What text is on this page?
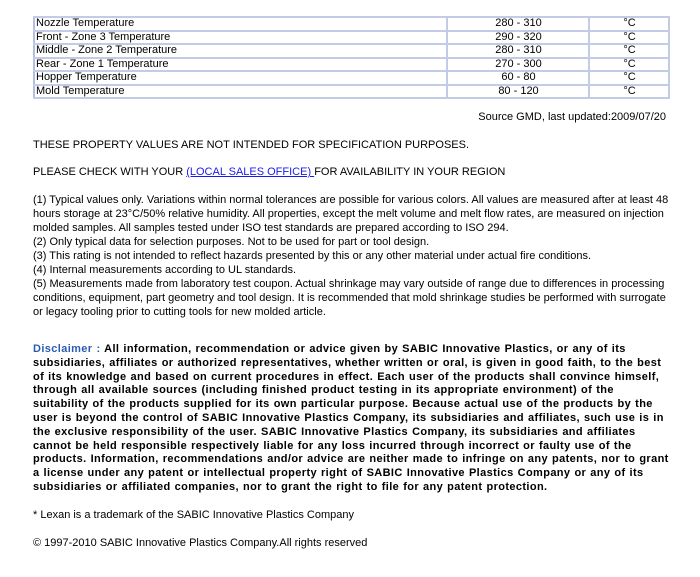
Nozzle Temperature	280 - 310	°C
Front - Zone 3 Temperature	290 - 320	°C
Middle - Zone 2 Temperature	280 - 310	°C
Rear - Zone 1 Temperature	270 - 300	°C
Hopper Temperature	60 - 80	°C
Mold Temperature	80 - 120	°C
Source GMD, last updated:2009/07/20
THESE PROPERTY VALUES ARE NOT INTENDED FOR SPECIFICATION PURPOSES.
PLEASE CHECK WITH YOUR (LOCAL SALES OFFICE) FOR AVAILABILITY IN YOUR REGION

(1) Typical values only. Variations within normal tolerances are possible for various colors. All values are measured after at least 48 hours storage at 23°C/50% relative humidity. All properties, except the melt volume and melt flow rates, are measured on injection molded samples. All samples tested under ISO test standards are prepared according to ISO 294.

(2) Only typical data for selection purposes. Not to be used for part or tool design.

(3) This rating is not intended to reflect hazards presented by this or any other material under actual fire conditions.

(4) Internal measurements according to UL standards.

(5) Measurements made from laboratory test coupon. Actual shrinkage may vary outside of range due to differences in processing conditions, equipment, part geometry and tool design. It is recommended that mold shrinkage studies be performed with surrogate or legacy tooling prior to cutting tools for new molded article.

Disclaimer : All information, recommendation or advice given by SABIC Innovative Plastics, or any of its subsidiaries, affiliates or authorized representatives, whether written or oral, is given in good faith, to the best of its knowledge and based on current procedures in effect. Each user of the products shall convince himself, through all available sources (including finished product testing in its appropriate environment) of the suitability of the products supplied for its own particular purpose. Because actual use of the products by the user is beyond the control of SABIC Innovative Plastics Company, its subsidiaries and affiliates, such use is in the exclusive responsibility of the user. SABIC Innovative Plastics Company, its subsidiaries and affiliates cannot be held responsible respectively liable for any loss incurred through incorrect or faulty use of the products. Information, recommendations and/or advice are neither made to infringe on any patents, nor to grant a license under any patent or intellectual property right of SABIC Innovative Plastics Company or any of its subsidiaries or affiliated companies, nor to grant the right to file for any patent protection.
* Lexan is a trademark of the SABIC Innovative Plastics Company
© 1997-2010 SABIC Innovative Plastics Company.All rights reserved
